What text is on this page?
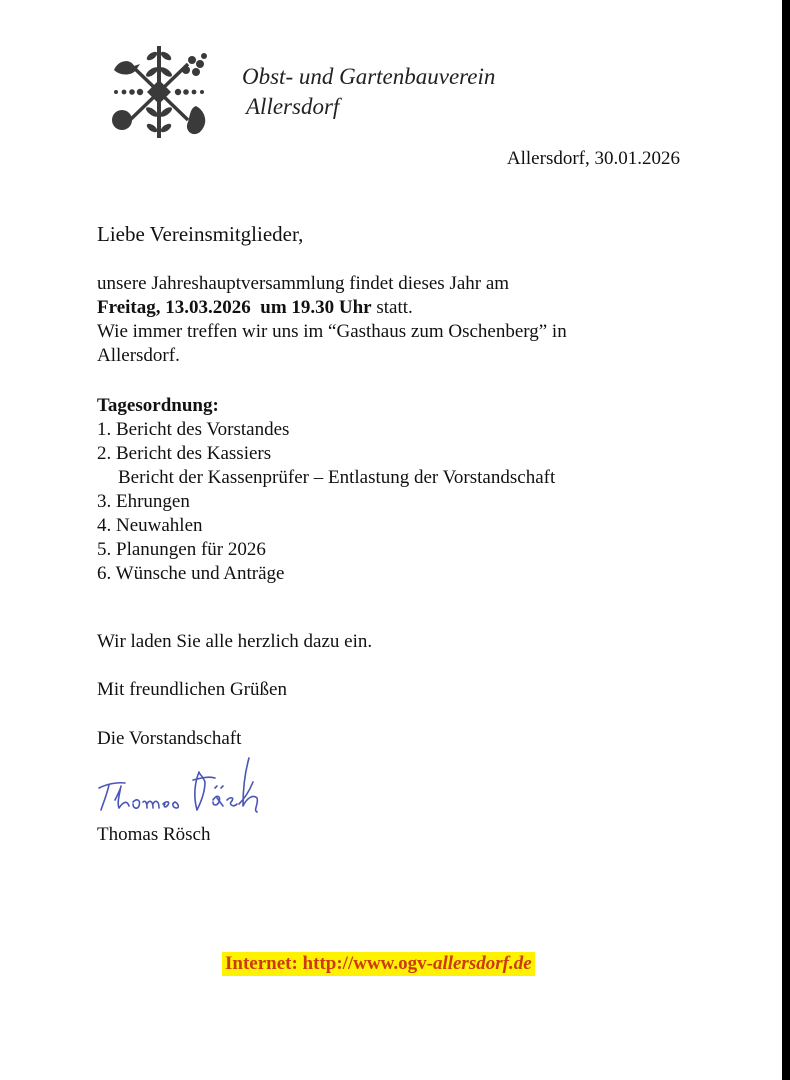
Obst- und Gartenbauverein
Allersdorf
Allersdorf, 30.01.2026
Liebe Vereinsmitglieder,
unsere Jahreshauptversammlung findet dieses Jahr am
Freitag, 13.03.2026 um 19.30 Uhr statt.
Wie immer treffen wir uns im “Gasthaus zum Oschenberg” in
Allersdorf.
Tagesordnung:
1. Bericht des Vorstandes
2. Bericht des Kassiers
Bericht der Kassenprüfer – Entlastung der Vorstandschaft
3. Ehrungen
4. Neuwahlen
5. Planungen für 2026
6. Wünsche und Anträge
Wir laden Sie alle herzlich dazu ein.
Mit freundlichen Grüßen
Die Vorstandschaft
Thomas Rösch
Internet: http://www.ogv-allersdorf.de
